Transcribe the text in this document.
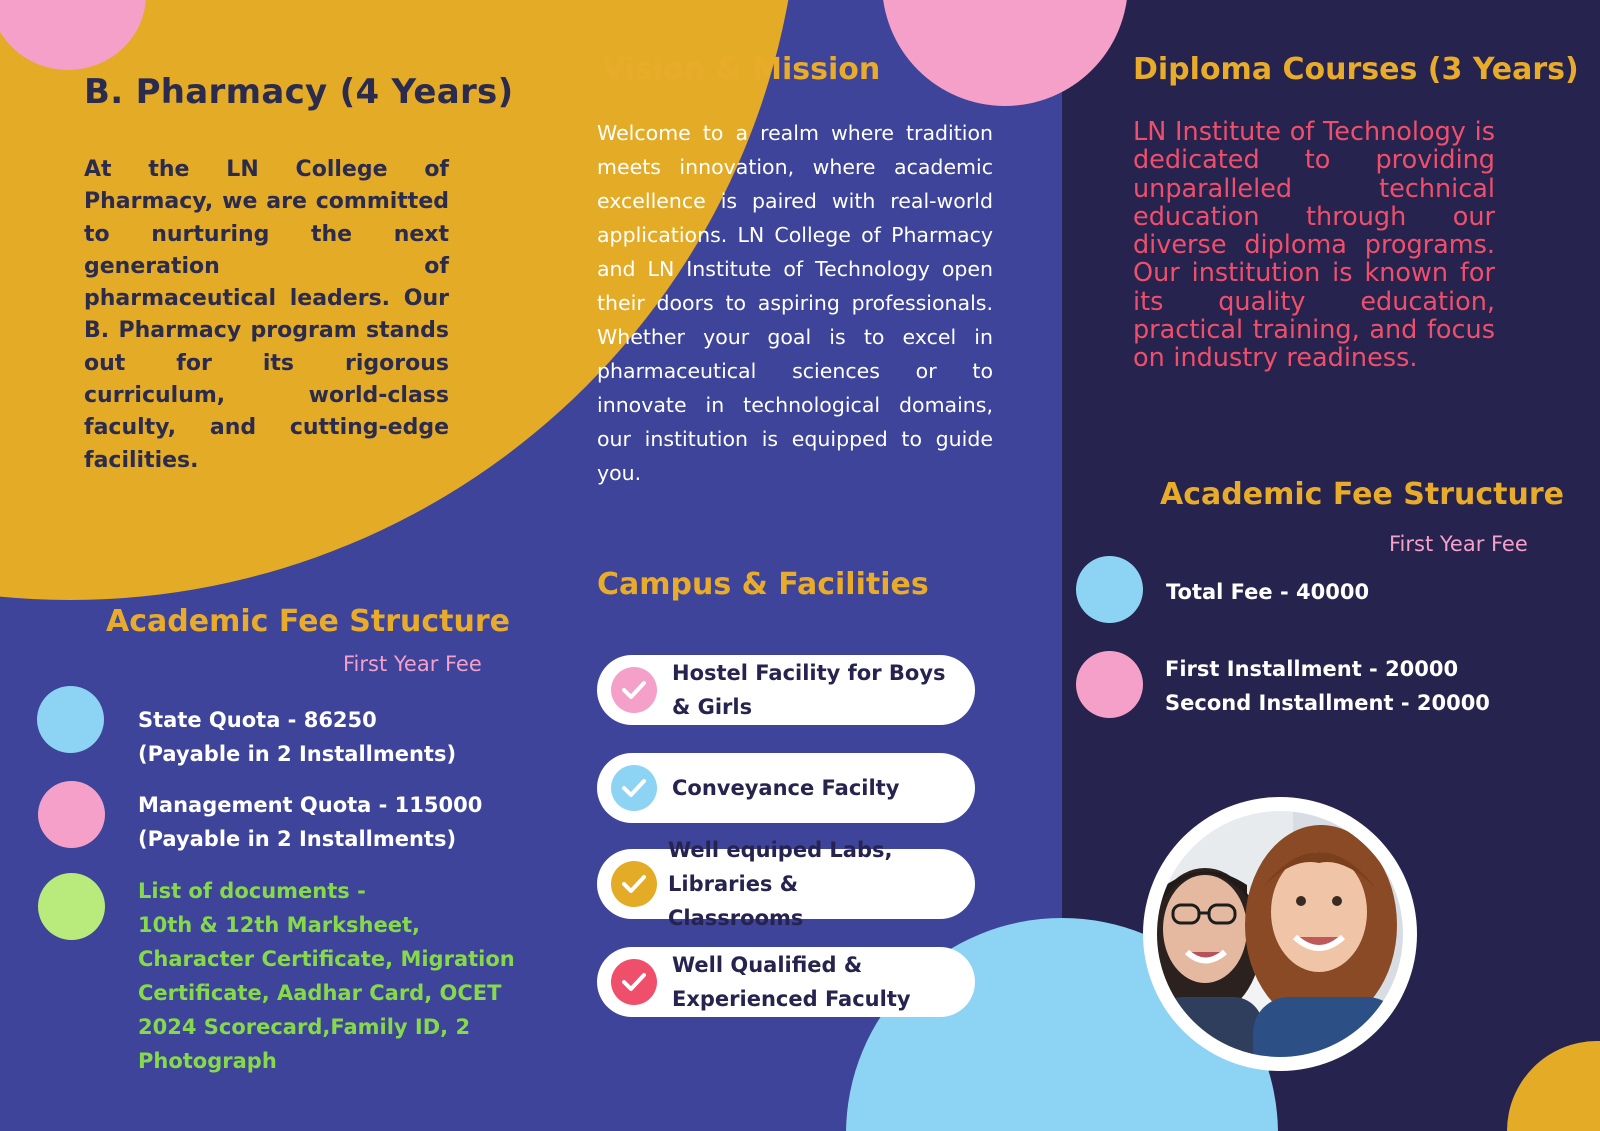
B. Pharmacy (4 Years)
At the LN College of Pharmacy, we are committed to nurturing the next generation of pharmaceutical leaders. Our B. Pharmacy program stands out for its rigorous curriculum, world-class faculty, and cutting-edge facilities.
Academic Fee Structure
First Year Fee
State Quota - 86250
(Payable in 2 Installments)
Management Quota - 115000
(Payable in 2 Installments)
List of documents -
10th & 12th Marksheet,
Character Certificate, Migration
Certificate, Aadhar Card, OCET
2024 Scorecard,Family ID, 2
Photograph
Vision & Mission
Welcome to a realm where tradition meets innovation, where academic excellence is paired with real-world applications. LN College of Pharmacy and LN Institute of Technology open their doors to aspiring professionals. Whether your goal is to excel in pharmaceutical sciences or to innovate in technological domains, our institution is equipped to guide you.
Campus & Facilities
Hostel Facility for Boys & Girls
Conveyance Facilty
Well equiped Labs, Libraries & Classrooms
Well Qualified & Experienced Faculty
Diploma Courses (3 Years)
LN Institute of Technology is dedicated to providing unparalleled technical education through our diverse diploma programs. Our institution is known for its quality education, practical training, and focus on industry readiness.
Academic Fee Structure
First Year Fee
Total Fee - 40000
First Installment - 20000
Second Installment - 20000
